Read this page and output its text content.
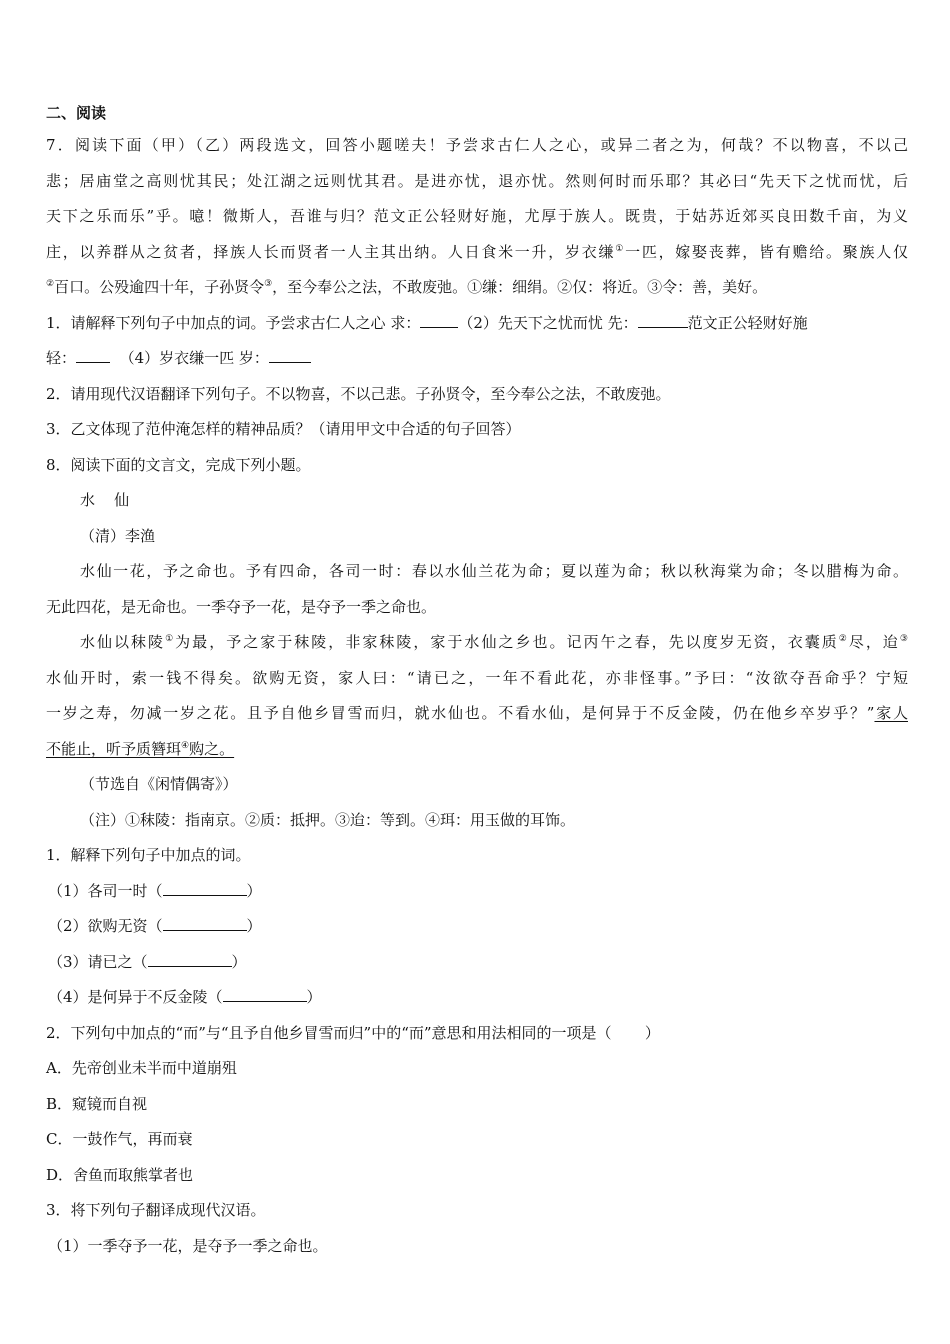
二、阅读
7．阅读下面（甲）（乙）两段选文，回答小题嗟夫！予尝求古仁人之心，或异二者之为，何哉？不以物喜，不以己
悲；居庙堂之高则忧其民；处江湖之远则忧其君。是进亦忧，退亦忧。然则何时而乐耶？其必曰“先天下之忧而忧，后
天下之乐而乐”乎。噫！微斯人，吾谁与归？范文正公轻财好施，尤厚于族人。既贵，于姑苏近郊买良田数千亩，为义
庄，以养群从之贫者，择族人长而贤者一人主其出纳。人日食米一升，岁衣缣①一匹，嫁娶丧葬，皆有赡给。聚族人仅
②百口。公殁逾四十年，子孙贤令③，至今奉公之法，不敢废弛。①缣：细绢。②仅：将近。③令：善，美好。
1．请解释下列句子中加点的词。予尝求古仁人之心 求：	（2）先天下之忧而忧 先：	范文正公轻财好施
轻：	（4）岁衣缣一匹 岁：
2．请用现代汉语翻译下列句子。不以物喜，不以己悲。子孙贤令，至今奉公之法，不敢废弛。
3．乙文体现了范仲淹怎样的精神品质？（请用甲文中合适的句子回答）
8．阅读下面的文言文，完成下列小题。
水    仙
（清）李渔
水仙一花，予之命也。予有四命，各司一时：春以水仙兰花为命；夏以莲为命；秋以秋海棠为命；冬以腊梅为命。
无此四花，是无命也。一季夺予一花，是夺予一季之命也。
水仙以秣陵①为最，予之家于秣陵，非家秣陵，家于水仙之乡也。记丙午之春，先以度岁无资，衣囊质②尽，迨③
水仙开时，索一钱不得矣。欲购无资，家人曰：“请已之，一年不看此花，亦非怪事。”予曰：“汝欲夺吾命乎？宁短
一岁之寿，勿减一岁之花。且予自他乡冒雪而归，就水仙也。不看水仙，是何异于不反金陵，仍在他乡卒岁乎？”家人
不能止，听予质簪珥④购之。
（节选自《闲情偶寄》）
（注）①秣陵：指南京。②质：抵押。③迨：等到。④珥：用玉做的耳饰。
1．解释下列句子中加点的词。
（1）各司一时（	）
（2）欲购无资（	）
（3）请已之（	）
（4）是何异于不反金陵（	）
2．下列句中加点的“而”与“且予自他乡冒雪而归”中的“而”意思和用法相同的一项是（       ）
A．先帝创业未半而中道崩殂
B．窥镜而自视
C．一鼓作气，再而衰
D．舍鱼而取熊掌者也
3．将下列句子翻译成现代汉语。
（1）一季夺予一花，是夺予一季之命也。
